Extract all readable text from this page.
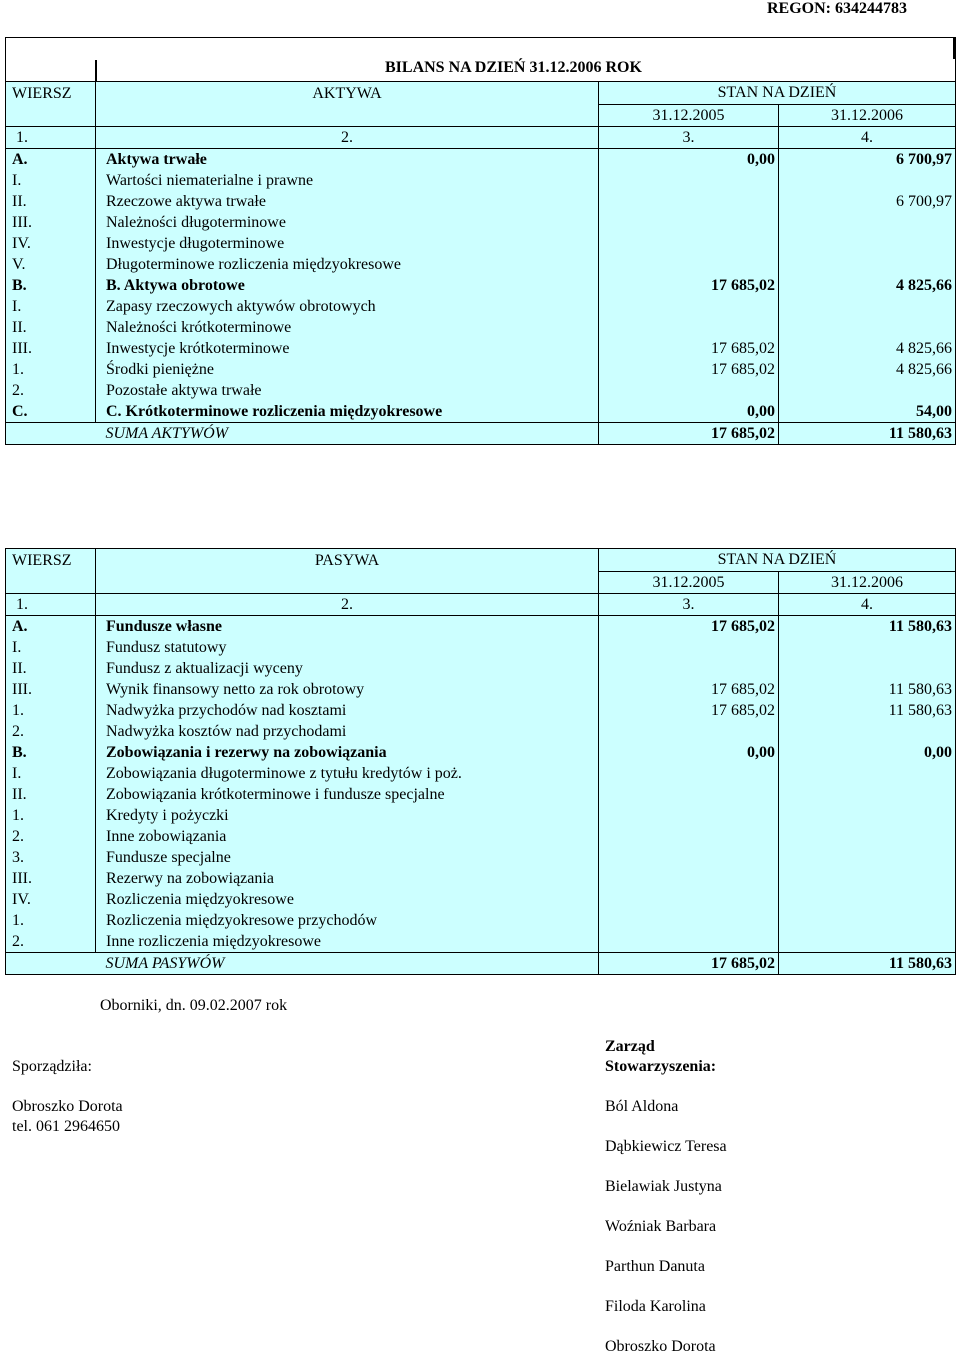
REGON: 634244783
BILANS NA DZIEŃ 31.12.2006 ROK
WIERSZ	AKTYWA	STAN NA DZIEŃ	
		31.12.2005	31.12.2006
1.	2.	3.	4.
A.	Aktywa trwałe	0,00	6 700,97
I.	Wartości niematerialne i prawne		
II.	Rzeczowe aktywa trwałe		6 700,97
III.	Należności długoterminowe		
IV.	Inwestycje długoterminowe		
V.	Długoterminowe rozliczenia międzyokresowe		
B.	B. Aktywa obrotowe	17 685,02	4 825,66
I.	Zapasy rzeczowych aktywów obrotowych		
II.	Należności krótkoterminowe		
III.	Inwestycje krótkoterminowe	17 685,02	4 825,66
1.	Środki pieniężne	17 685,02	4 825,66
2.	Pozostałe aktywa trwałe		
C.	C. Krótkoterminowe rozliczenia międzyokresowe	0,00	54,00
	SUMA AKTYWÓW	17 685,02	11 580,63
WIERSZ	PASYWA	STAN NA DZIEŃ	
		31.12.2005	31.12.2006
1.	2.	3.	4.
A.	Fundusze własne	17 685,02	11 580,63
I.	Fundusz statutowy		
II.	Fundusz z aktualizacji wyceny		
III.	Wynik finansowy netto za rok obrotowy	17 685,02	11 580,63
1.	Nadwyżka przychodów nad kosztami	17 685,02	11 580,63
2.	Nadwyżka kosztów nad przychodami		
B.	Zobowiązania i rezerwy na zobowiązania	0,00	0,00
I.	Zobowiązania długoterminowe z tytułu kredytów i poż.		
II.	Zobowiązania krótkoterminowe i fundusze specjalne		
1.	Kredyty i pożyczki		
2.	Inne zobowiązania		
3.	Fundusze specjalne		
III.	Rezerwy na zobowiązania		
IV.	Rozliczenia międzyokresowe		
1.	Rozliczenia międzyokresowe przychodów		
2.	Inne rozliczenia międzyokresowe		
	SUMA PASYWÓW	17 685,02	11 580,63
Oborniki, dn. 09.02.2007 rok
Sporządziła:
Obroszko Dorota
tel. 061 2964650
Zarząd
Stowarzyszenia:
Ból Aldona
Dąbkiewicz Teresa
Bielawiak Justyna
Woźniak Barbara
Parthun Danuta
Filoda Karolina
Obroszko Dorota
